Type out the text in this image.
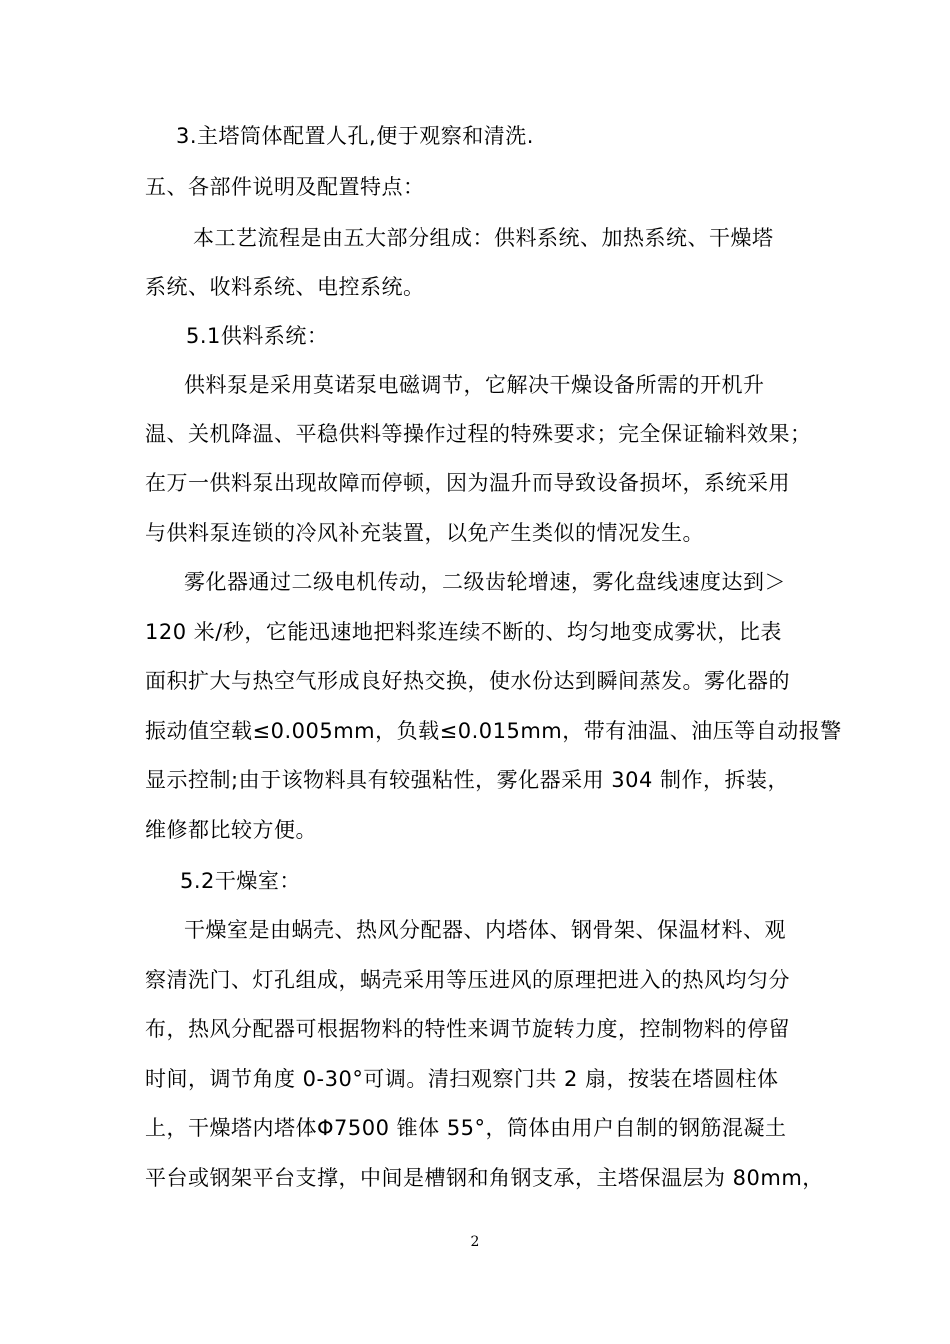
3.主塔筒体配置人孔,便于观察和清洗.
五、各部件说明及配置特点：
本工艺流程是由五大部分组成：供料系统、加热系统、干燥塔
系统、收料系统、电控系统。
5.1供料系统：
供料泵是采用莫诺泵电磁调节，它解决干燥设备所需的开机升
温、关机降温、平稳供料等操作过程的特殊要求；完全保证输料效果；
在万一供料泵出现故障而停顿，因为温升而导致设备损坏，系统采用
与供料泵连锁的冷风补充装置，以免产生类似的情况发生。
雾化器通过二级电机传动，二级齿轮增速，雾化盘线速度达到＞
120 米/秒，它能迅速地把料浆连续不断的、均匀地变成雾状，比表
面积扩大与热空气形成良好热交换，使水份达到瞬间蒸发。雾化器的
振动值空载≤0.005mm，负载≤0.015mm，带有油温、油压等自动报警
显示控制;由于该物料具有较强粘性，雾化器采用 304 制作，拆装，
维修都比较方便。
5.2干燥室：
干燥室是由蜗壳、热风分配器、内塔体、钢骨架、保温材料、观
察清洗门、灯孔组成，蜗壳采用等压进风的原理把进入的热风均匀分
布，热风分配器可根据物料的特性来调节旋转力度，控制物料的停留
时间，调节角度 0-30°可调。清扫观察门共 2 扇，按装在塔圆柱体
上，干燥塔内塔体Φ7500 锥体 55°，筒体由用户自制的钢筋混凝土
平台或钢架平台支撑，中间是槽钢和角钢支承，主塔保温层为 80mm，
2
